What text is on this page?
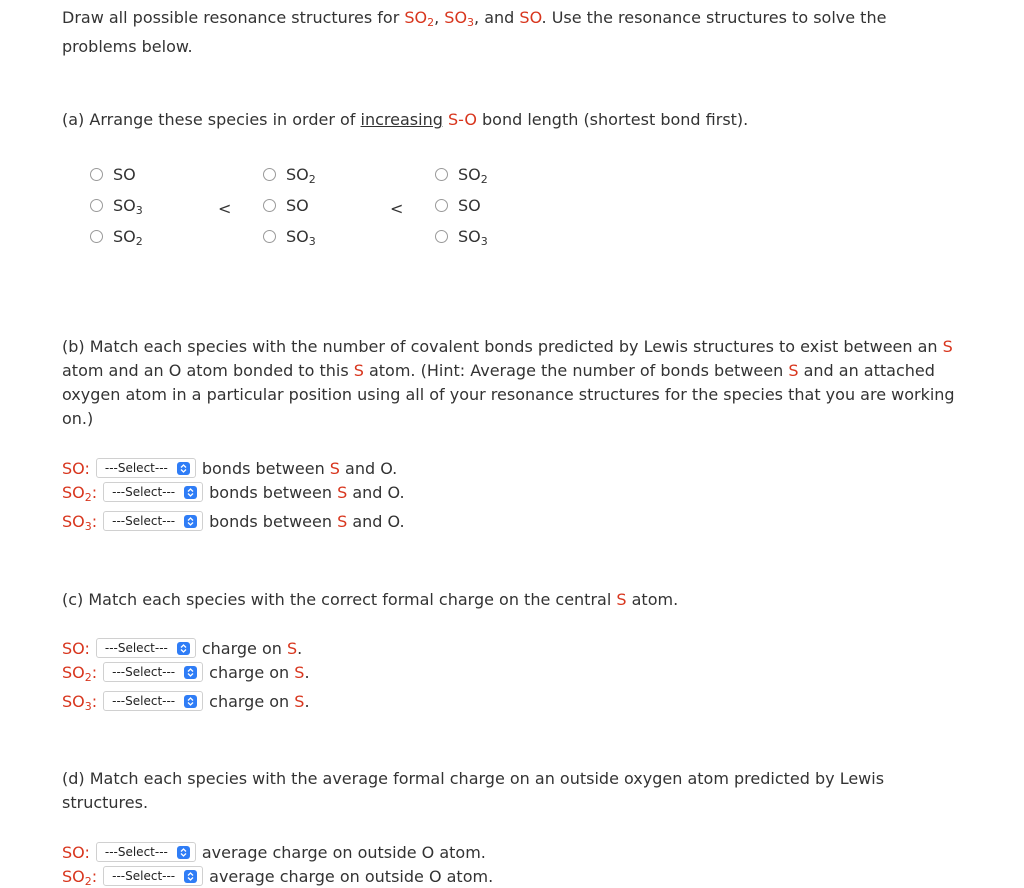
Draw all possible resonance structures for $SO_2$, $SO_3$, and SO. Use the resonance structures to solve the
problems below.
(a) Arrange these species in order of increasing S-O bond length (shortest bond first).
SO
$SO_3$
$SO_2$
$SO_2$
SO
$SO_3$
$SO_2$
SO
$SO_3$
<	<
(b) Match each species with the number of covalent bonds predicted by Lewis structures to exist between an S
atom and an O atom bonded to this S atom. (Hint: Average the number of bonds between S and an attached
oxygen atom in a particular position using all of your resonance structures for the species that you are working
on.)
SO: ---Select--- bonds between S and O.
$SO_2$: ---Select--- bonds between S and O.
$SO_3$: ---Select--- bonds between S and O.
(c) Match each species with the correct formal charge on the central S atom.
SO: ---Select--- charge on S.
$SO_2$: ---Select--- charge on S.
$SO_3$: ---Select--- charge on S.
(d) Match each species with the average formal charge on an outside oxygen atom predicted by Lewis
structures.
SO: ---Select--- average charge on outside O atom.
$SO_2$: ---Select--- average charge on outside O atom.
